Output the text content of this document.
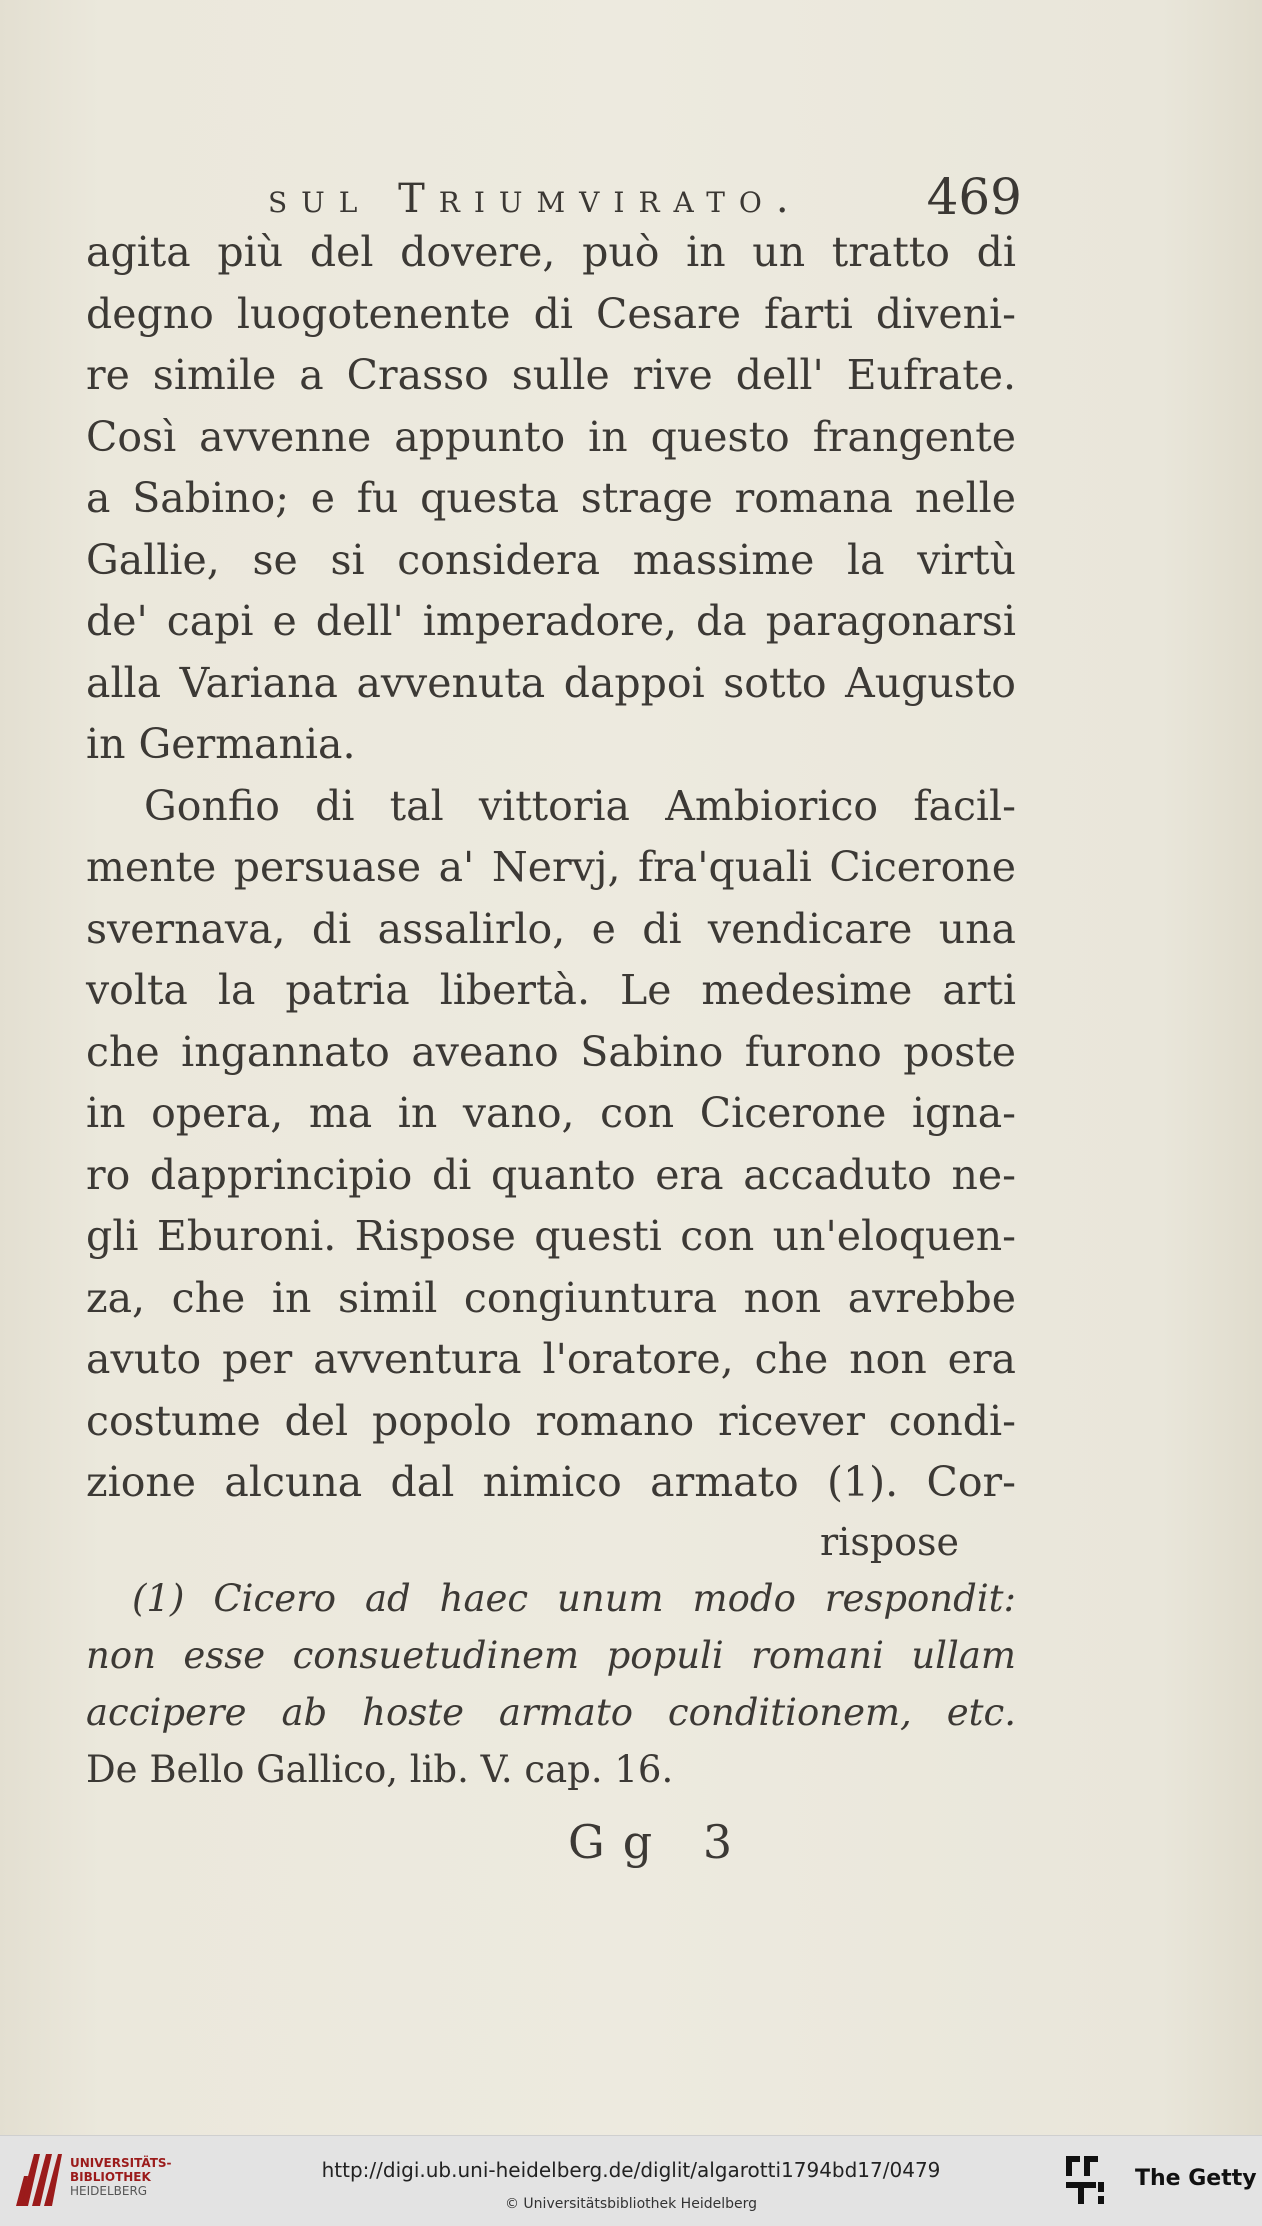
sul Triumvirato. 469
agita più del dovere, può in un tratto di
degno luogotenente di Cesare farti diveni-
re simile a Crasso sulle rive dell' Eufrate.
Così avvenne appunto in questo frangente
a Sabino; e fu questa strage romana nelle
Gallie, se si considera massime la virtù
de' capi e dell' imperadore, da paragonarsi
alla Variana avvenuta dappoi sotto Augusto
in Germania.
Gonfio di tal vittoria Ambiorico facil-
mente persuase a' Nervj, fra'quali Cicerone
svernava, di assalirlo, e di vendicare una
volta la patria libertà. Le medesime arti
che ingannato aveano Sabino furono poste
in opera, ma in vano, con Cicerone igna-
ro dapprincipio di quanto era accaduto ne-
gli Eburoni. Rispose questi con un'eloquen-
za, che in simil congiuntura non avrebbe
avuto per avventura l'oratore, che non era
costume del popolo romano ricever condi-
zione alcuna dal nimico armato (1). Cor-
rispose
(1) Cicero ad haec unum modo respondit:
non esse consuetudinem populi romani ullam
accipere ab hoste armato conditionem, etc.
De Bello Gallico, lib. V. cap. 16.
Gg 3
UNIVERSITÄTS-
BIBLIOTHEK
HEIDELBERG
http://digi.ub.uni-heidelberg.de/diglit/algarotti1794bd17/0479
© Universitätsbibliothek Heidelberg
The Getty
